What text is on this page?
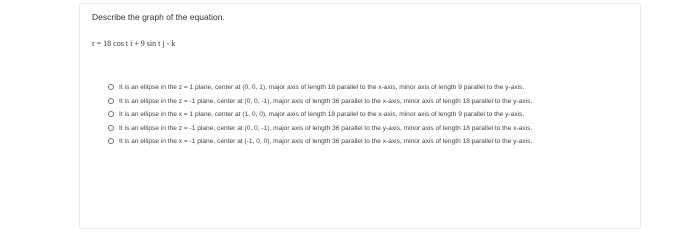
Describe the graph of the equation.
r = 18 cos t i + 9 sin t j - k
It is an ellipse in the z = 1 plane, center at (0, 0, 1), major axis of length 18 parallel to the x-axis, minor axis of length 9 parallel to the y-axis.
It is an ellipse in the z = -1 plane, center at (0, 0, -1), major axis of length 36 parallel to the x-axis, minor axis of length 18 parallel to the y-axis.
It is an ellipse in the x = 1 plane, center at (1, 0, 0), major axis of length 18 parallel to the x-axis, minor axis of length 9 parallel to the y-axis.
It is an ellipse in the z = -1 plane, center at (0, 0, -1), major axis of length 36 parallel to the y-axis, minor axis of length 18 parallel to the x-axis.
It is an ellipse in the x = -1 plane, center at (-1, 0, 0), major axis of length 36 parallel to the x-axis, minor axis of length 18 parallel to the y-axis.
